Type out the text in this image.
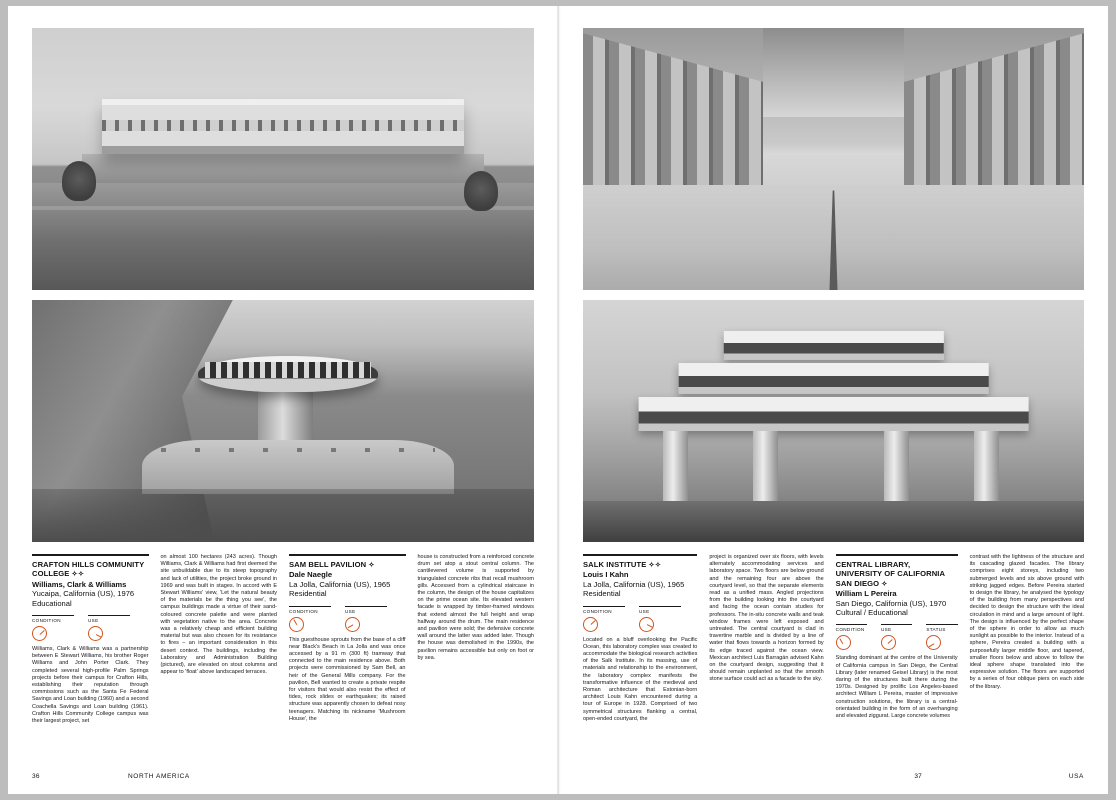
CRAFTON HILLS COMMUNITY COLLEGE ✧✧
Williams, Clark & Williams
Yucaipa, California (US), 1976
Educational
CONDITION	USE
Williams, Clark & Williams was a partnership between E Stewart Williams, his brother Roger Williams and John Porter Clark. They completed several high-profile Palm Springs projects before their campus for Crafton Hills, establishing their reputation through commissions such as the Santa Fe Federal Savings and Loan building (1960) and a second Coachella Savings and Loan building (1961). Crafton Hills Community College campus was their largest project, set
on almost 100 hectares (243 acres). Though Williams, Clark & Williams had first deemed the site unbuildable due to its steep topography and lack of utilities, the project broke ground in 1969 and was built in stages. In accord with E Stewart Williams' view, 'Let the natural beauty of the materials be the thing you see', the campus buildings made a virtue of their sand-coloured concrete palette and were planted with vegetation native to the area. Concrete was a relatively cheap and efficient building material but was also chosen for its resistance to fires – an important consideration in this desert context. The buildings, including the Laboratory and Administration Building (pictured), are elevated on stout columns and appear to 'float' above landscaped terraces.
SAM BELL PAVILION ✧
Dale Naegle
La Jolla, California (US), 1965
Residential
CONDITION	USE
This guesthouse sprouts from the base of a cliff near Black's Beach in La Jolla and was once accessed by a 91 m (300 ft) tramway that connected to the main residence above. Both projects were commissioned by Sam Bell, an heir of the General Mills company. For the pavilion, Bell wanted to create a private respite for visitors that would also resist the effect of tides, rock slides or earthquakes; its raised structure was apparently chosen to defeat nosy teenagers. Matching its nickname 'Mushroom House', the
house is constructed from a reinforced concrete drum set atop a stout central column. The cantilevered volume is supported by triangulated concrete ribs that recall mushroom gills. Accessed from a cylindrical staircase in the column, the design of the house capitalizes on the prime ocean site. Its elevated western facade is wrapped by timber-framed windows that extend almost the full height and wrap halfway around the drum. The main residence and pavilion were sold; the defensive concrete wall around the latter was added later. Though the house was demolished in the 1990s, the pavilion remains accessible but only on foot or by sea.
36	NORTH AMERICA
SALK INSTITUTE ✧✧
Louis I Kahn
La Jolla, California (US), 1965
Residential
CONDITION	USE
Located on a bluff overlooking the Pacific Ocean, this laboratory complex was created to accommodate the biological research activities of the Salk Institute. In its massing, use of materials and relationship to the environment, the laboratory complex manifests the transformative influence of the medieval and Roman architecture that Estonian-born architect Louis Kahn encountered during a tour of Europe in 1928. Comprised of two symmetrical structures flanking a central, open-ended courtyard, the
project is organized over six floors, with levels alternately accommodating services and laboratory space. Two floors are below ground and the remaining four are above the courtyard level, so that the separate elements read as a unified mass. Angled projections from the building looking into the courtyard and facing the ocean contain studies for professors. The in-situ concrete walls and teak window frames were left exposed and untreated. The central courtyard is clad in travertine marble and is divided by a line of water that flows towards a horizon formed by its edge traced against the ocean view. Mexican architect Luis Barragán advised Kahn on the courtyard design, suggesting that it should remain unplanted so that the smooth stone surface could act as a facade to the sky.
CENTRAL LIBRARY, UNIVERSITY OF CALIFORNIA SAN DIEGO ✧
William L Pereira
San Diego, California (US), 1970
Cultural / Educational
CONDITION	USE	STATUS
Standing dominant at the centre of the University of California campus in San Diego, the Central Library (later renamed Geisel Library) is the most daring of the structures built there during the 1970s. Designed by prolific Los Angeles-based architect William L Pereira, master of impressive construction solutions, the library is a central-orientated building in the form of an overhanging and elevated ziggurat. Large concrete volumes
contrast with the lightness of the structure and its cascading glazed facades. The library comprises eight storeys, including two submerged levels and six above ground with striking jagged edges. Before Pereira started to design the library, he analysed the typology of the building from many perspectives and decided to design the structure with the ideal circulation in mind and a large amount of light. The design is influenced by the perfect shape of the sphere in order to allow as much sunlight as possible to the interior. Instead of a sphere, Pereira created a building with a purposefully larger middle floor, and tapered, smaller floors below and above to follow the ideal sphere shape translated into the expressive solution. The floors are supported by a series of four oblique piers on each side of the library.
37	USA
